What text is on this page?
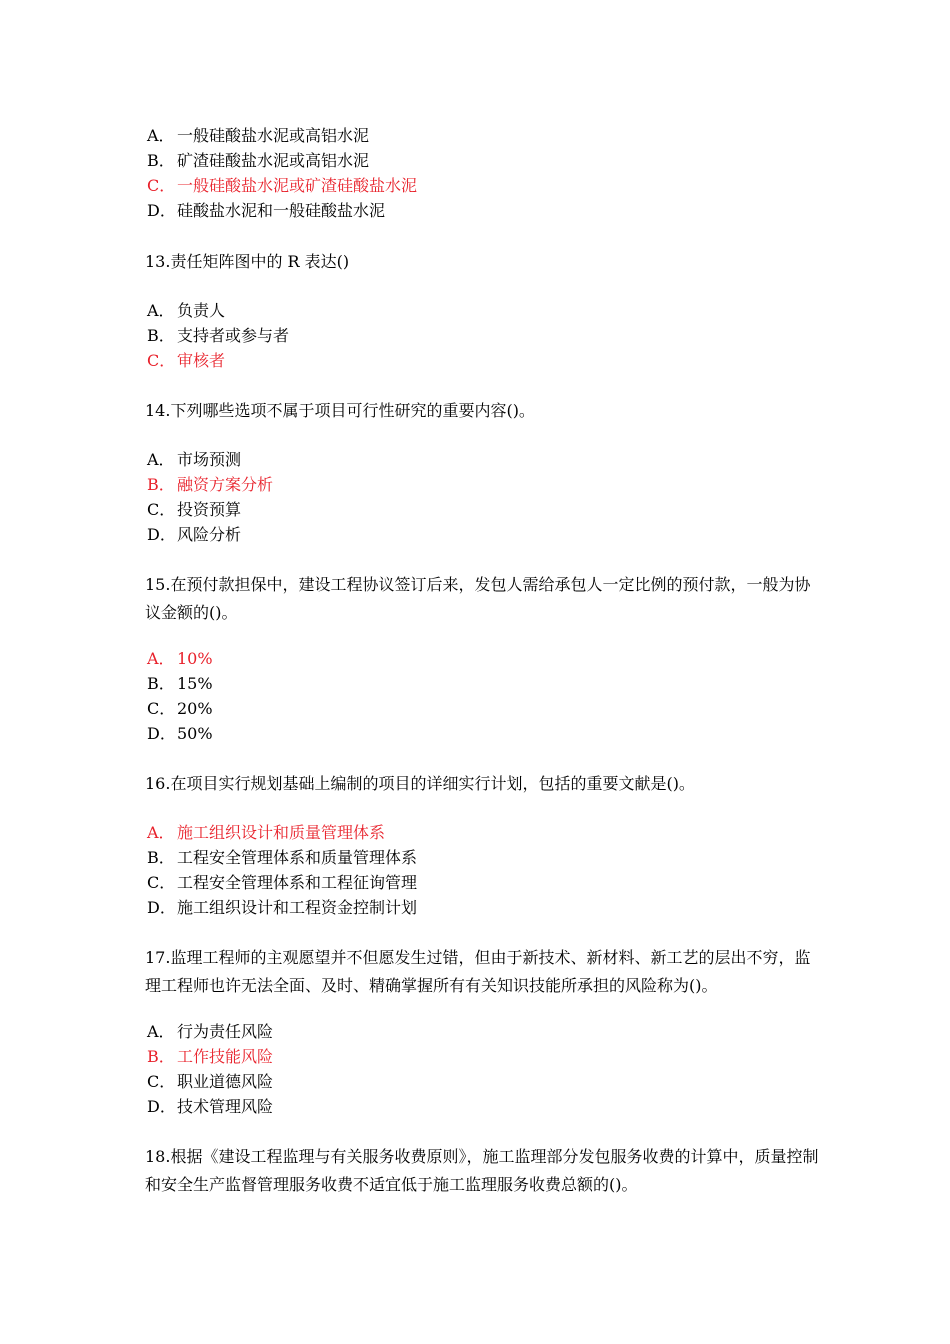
A． 一般硅酸盐水泥或高铝水泥
B． 矿渣硅酸盐水泥或高铝水泥
C． 一般硅酸盐水泥或矿渣硅酸盐水泥
D．硅酸盐水泥和一般硅酸盐水泥

13.责任矩阵图中的 R 表达()

A． 负责人
B． 支持者或参与者
C． 审核者

14.下列哪些选项不属于项目可行性研究的重要内容()。

A． 市场预测
B． 融资方案分析
C． 投资预算
D．风险分析

15.在预付款担保中，建设工程协议签订后来，发包人需给承包人一定比例的预付款，一般为协议金额的()。

A． 10%
B． 15%
C． 20%
D．50%

16.在项目实行规划基础上编制的项目的详细实行计划，包括的重要文献是()。

A． 施工组织设计和质量管理体系
B． 工程安全管理体系和质量管理体系
C． 工程安全管理体系和工程征询管理
D．施工组织设计和工程资金控制计划

17.监理工程师的主观愿望并不但愿发生过错，但由于新技术、新材料、新工艺的层出不穷，监理工程师也许无法全面、及时、精确掌握所有有关知识技能所承担的风险称为()。

A． 行为责任风险
B． 工作技能风险
C． 职业道德风险
D．技术管理风险

18.根据《建设工程监理与有关服务收费原则》，施工监理部分发包服务收费的计算中，质量控制和安全生产监督管理服务收费不适宜低于施工监理服务收费总额的()。
